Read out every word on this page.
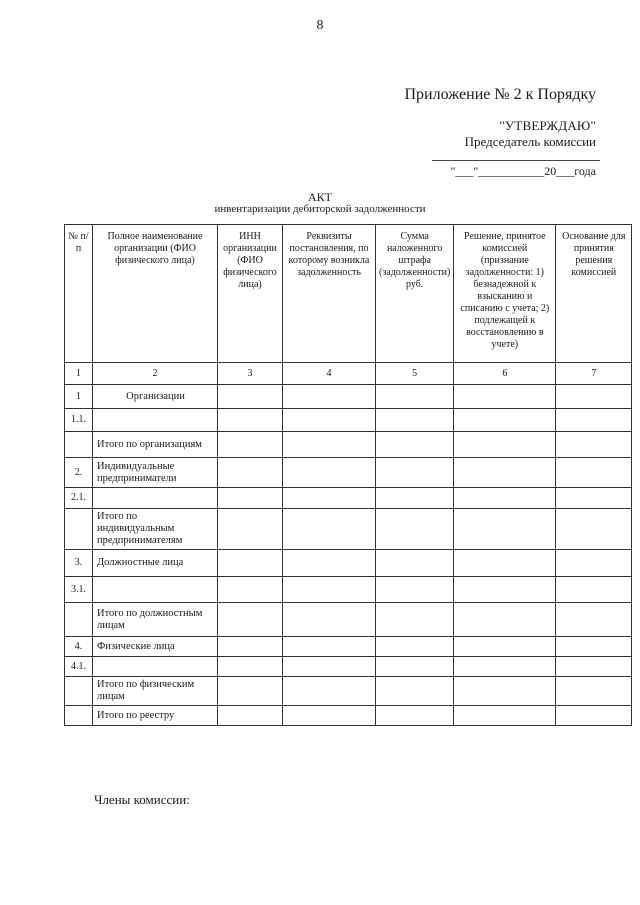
8
Приложение № 2 к Порядку
"УТВЕРЖДАЮ"
Председатель комиссии
"___"___________20___года
АКТ
инвентаризации дебиторской задолженности
№ п/п	Полное наименование организации (ФИО физического лица)	ИНН организации (ФИО физического лица)	Реквизиты постановления, по которому возникла задолженность	Сумма наложенного штрафа (задолженности) руб.	Решение, принятое комиссией (признание задолженности: 1) безнадежной к взысканию и списанию с учета; 2) подлежащей к восстановлению в учете)	Основание для принятия решения комиссией
1	2	3	4	5	6	7
1	Организации					
1.1.						
	Итого по организациям					
2.	Индивидуальные предприниматели					
2.1.						
	Итого по индивидуальным предпринимателям					
3.	Должностные лица					
3.1.						
	Итого по должностным лицам					
4.	Физические лица					
4.1.						
	Итого по физическим лицам					
	Итого по реестру					
Члены комиссии:
